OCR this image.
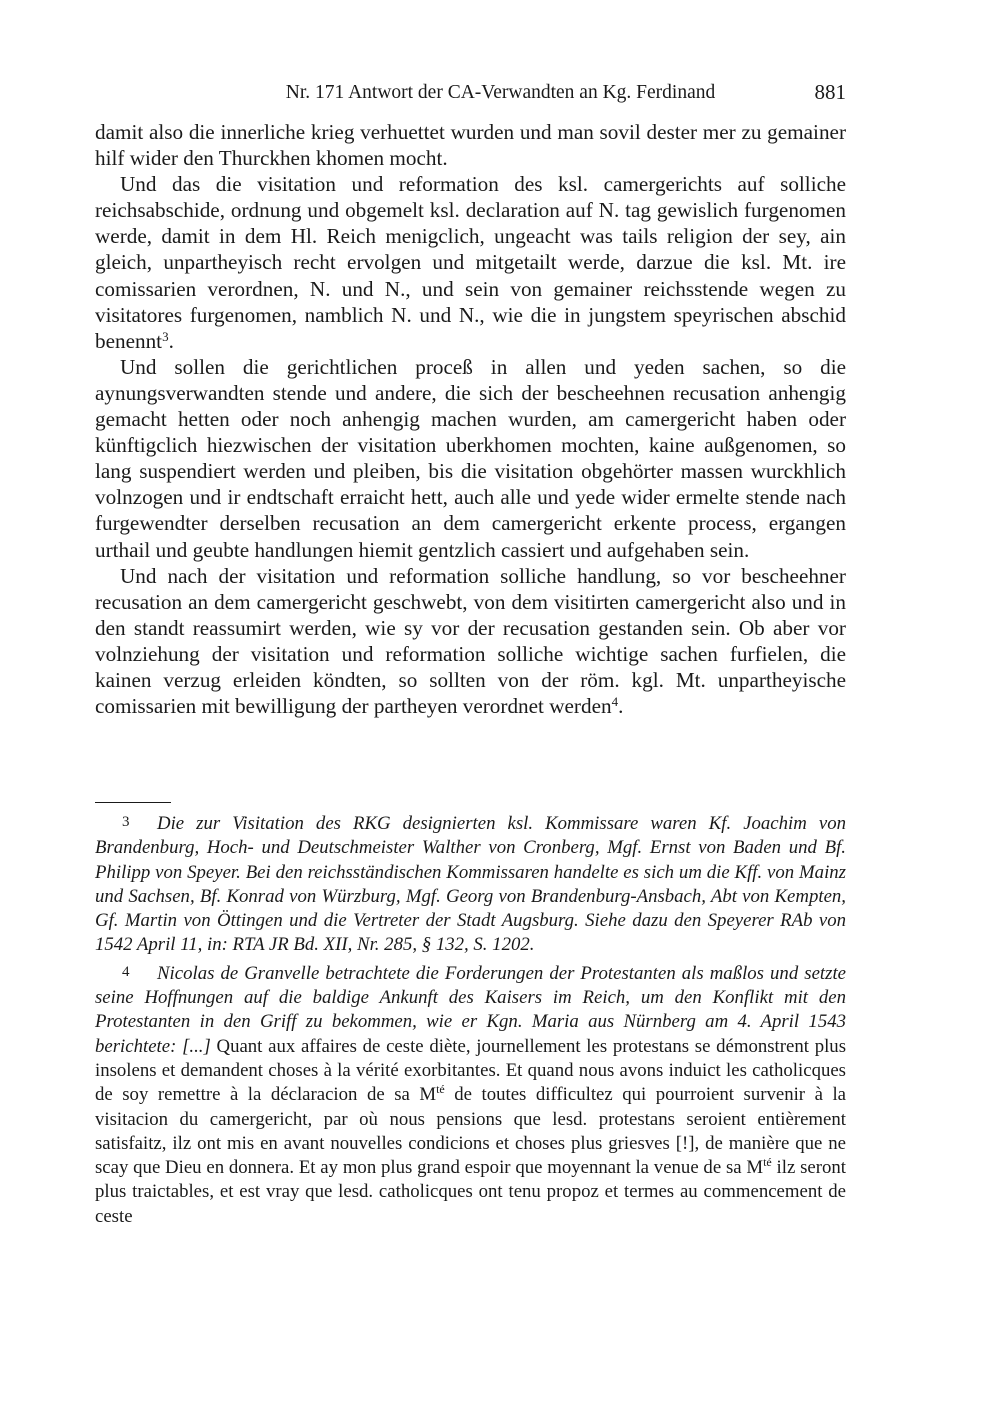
Nr. 171 Antwort der CA-Verwandten an Kg. Ferdinand	881

damit also die innerliche krieg verhuettet wurden und man sovil dester mer zu gemainer hilf wider den Thurckhen khomen mocht.

Und das die visitation und reformation des ksl. camergerichts auf solliche reichsabschide, ordnung und obgemelt ksl. declaration auf N. tag gewislich furgenomen werde, damit in dem Hl. Reich menigclich, ungeacht was tails religion der sey, ain gleich, unpartheyisch recht ervolgen und mitgetailt werde, darzue die ksl. Mt. ire comissarien verordnen, N. und N., und sein von gemainer reichsstende wegen zu visitatores furgenomen, namblich N. und N., wie die in jungstem speyrischen abschid benennt$^3$.

Und sollen die gerichtlichen proceß in allen und yeden sachen, so die aynungsverwandten stende und andere, die sich der bescheehnen recusation anhengig gemacht hetten oder noch anhengig machen wurden, am camergericht haben oder künftigclich hiezwischen der visitation uberkhomen mochten, kaine außgenomen, so lang suspendiert werden und pleiben, bis die visitation obgehörter massen wurckhlich volnzogen und ir endtschaft erraicht hett, auch alle und yede wider ermelte stende nach furgewendter derselben recusation an dem camergericht erkente process, ergangen urthail und geubte handlungen hiemit gentzlich cassiert und aufgehaben sein.

Und nach der visitation und reformation solliche handlung, so vor bescheehner recusation an dem camergericht geschwebt, von dem visitirten camergericht also und in den standt reassumirt werden, wie sy vor der recusation gestanden sein. Ob aber vor volnziehung der visitation und reformation solliche wichtige sachen furfielen, die kainen verzug erleiden köndten, so sollten von der röm. kgl. Mt. unpartheyische comissarien mit bewilligung der partheyen verordnet werden$^4$.

3 Die zur Visitation des RKG designierten ksl. Kommissare waren Kf. Joachim von Brandenburg, Hoch- und Deutschmeister Walther von Cronberg, Mgf. Ernst von Baden und Bf. Philipp von Speyer. Bei den reichsständischen Kommissaren handelte es sich um die Kff. von Mainz und Sachsen, Bf. Konrad von Würzburg, Mgf. Georg von Brandenburg-Ansbach, Abt von Kempten, Gf. Martin von Öttingen und die Vertreter der Stadt Augsburg. Siehe dazu den Speyerer RAb von 1542 April 11, in: RTA JR Bd. XII, Nr. 285, § 132, S. 1202.

4 Nicolas de Granvelle betrachtete die Forderungen der Protestanten als maßlos und setzte seine Hoffnungen auf die baldige Ankunft des Kaisers im Reich, um den Konflikt mit den Protestanten in den Griff zu bekommen, wie er Kgn. Maria aus Nürnberg am 4. April 1543 berichtete: [...] Quant aux affaires de ceste diète, journellement les protestans se démonstrent plus insolens et demandent choses à la vérité exorbitantes. Et quand nous avons induict les catholicques de soy remettre à la déclaracion de sa $M^{té}$ de toutes difficultez qui pourroient survenir à la visitacion du camergericht, par où nous pensions que lesd. protestans seroient entièrement satisfaitz, ilz ont mis en avant nouvelles condicions et choses plus griesves [!], de manière que ne scay que Dieu en donnera. Et ay mon plus grand espoir que moyennant la venue de sa $M^{té}$ ilz seront plus traictables, et est vray que lesd. catholicques ont tenu propoz et termes au commencement de ceste
